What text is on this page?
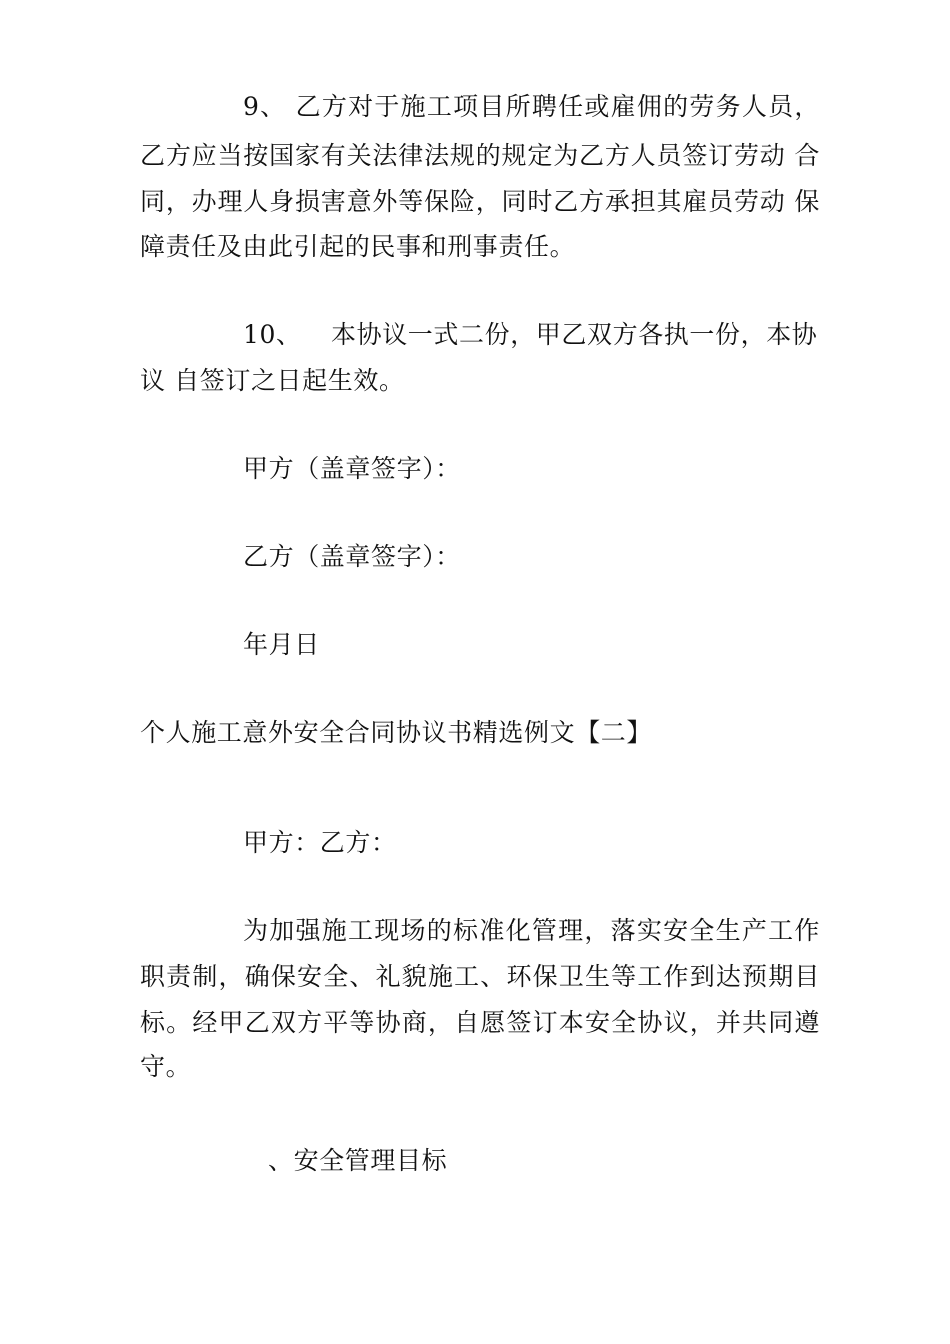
9、 乙方对于施工项目所聘任或雇佣的劳务人员，
乙方应当按国家有关法律法规的规定为乙方人员签订劳动 合
同，办理人身损害意外等保险，同时乙方承担其雇员劳动 保
障责任及由此引起的民事和刑事责任。
10、 本协议一式二份，甲乙双方各执一份，本协
议 自签订之日起生效。
甲方（盖章签字）：
乙方（盖章签字）：
年月日
个人施工意外安全合同协议书精选例文【二】
甲方：乙方：
为加强施工现场的标准化管理，落实安全生产工作
职责制，确保安全、礼貌施工、环保卫生等工作到达预期目
标。经甲乙双方平等协商，自愿签订本安全协议，并共同遵
守。
、安全管理目标
